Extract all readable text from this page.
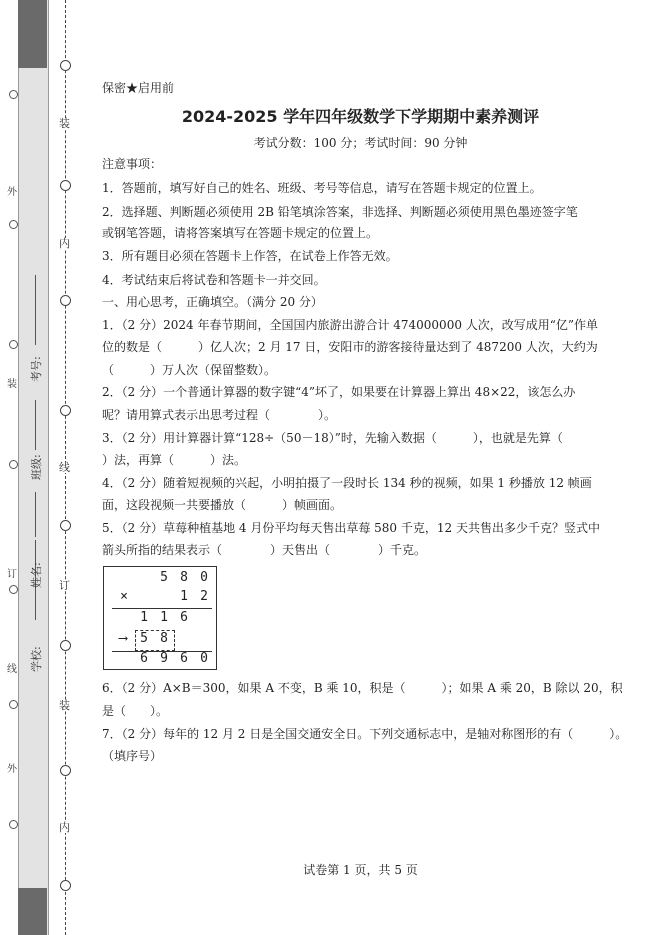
装
内
线
订
装
内
外
装
订
线
外
学校:
姓名:
班级:
考号:
保密★启用前
2024-2025 学年四年级数学下学期期中素养测评
考试分数：100 分；考试时间：90 分钟
注意事项：
1．答题前，填写好自己的姓名、班级、考号等信息，请写在答题卡规定的位置上。
2．选择题、判断题必须使用 2B 铅笔填涂答案，非选择、判断题必须使用黑色墨迹签字笔
或钢笔答题，请将答案填写在答题卡规定的位置上。
3．所有题目必须在答题卡上作答，在试卷上作答无效。
4．考试结束后将试卷和答题卡一并交回。
一、用心思考，正确填空。（满分 20 分）
1．（2 分）2024 年春节期间，全国国内旅游出游合计 474000000 人次，改写成用“亿”作单
位的数是（　　　）亿人次；2 月 17 日，安阳市的游客接待量达到了 487200 人次，大约为
（　　　）万人次（保留整数）。
2．（2 分）一个普通计算器的数字键“4”坏了，如果要在计算器上算出 48×22，该怎么办
呢？请用算式表示出思考过程（　　　　）。
3．（2 分）用计算器计算“128÷（50－18）”时，先输入数据（　　　），也就是先算（
）法，再算（　　　）法。
4．（2 分）随着短视频的兴起，小明拍摄了一段时长 134 秒的视频，如果 1 秒播放 12 帧画
面，这段视频一共要播放（　　　）帧画面。
5．（2 分）草莓种植基地 4 月份平均每天售出草莓 580 千克，12 天共售出多少千克？竖式中
箭头所指的结果表示（　　　　）天售出（　　　　）千克。
5 8 0
×	1 2
1 1 6
⟶	5 8
6 9 6 0
6．（2 分）A×B＝300，如果 A 不变，B 乘 10，积是（　　　）；如果 A 乘 20，B 除以 20，积
是（　　）。
7．（2 分）每年的 12 月 2 日是全国交通安全日。下列交通标志中，是轴对称图形的有（　　　）。
（填序号）
试卷第 1 页，共 5 页
